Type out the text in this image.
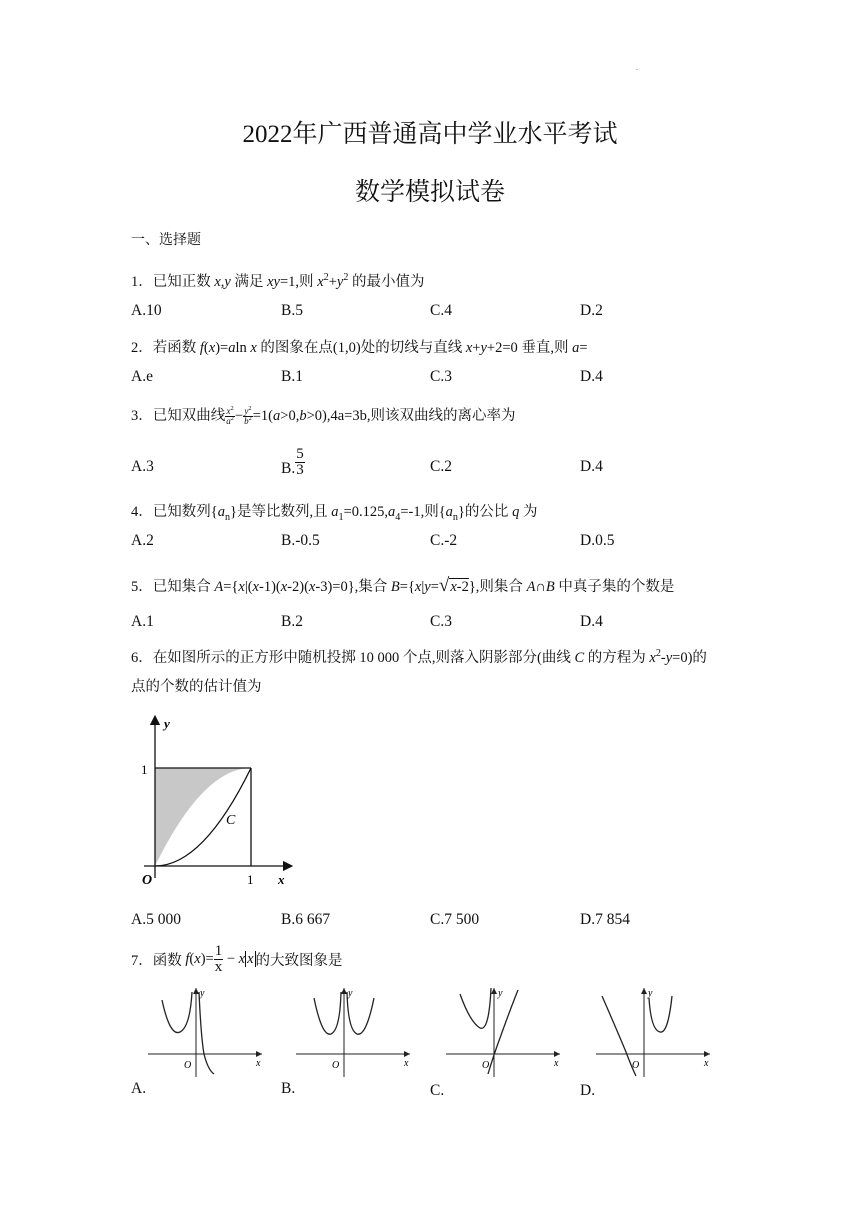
.
2022年广西普通高中学业水平考试
数学模拟试卷
一、选择题
1．已知正数 x,y 满足 xy=1,则 $x^2+y^2$ 的最小值为
A.10	B.5	C.4	D.2
2．若函数 f(x)=aln x 的图象在点(1,0)处的切线与直线 x+y+2=0 垂直,则 a=
A.e	B.1	C.3	D.4
3．已知双曲线 $\frac{x^2}{a^2} - \frac{y^2}{b^2} =1(a>0,b>0),4a=3b$,则该双曲线的离心率为
A.3	B. $\frac{5}{3}$	C.2	D.4
4．已知数列$\{a_n\}$是等比数列,且 $a_1=0.125,a_4=-1$,则$\{a_n\}$的公比 q 为
A.2	B.-0.5	C.-2	D.0.5
5．已知集合 A={x|(x-1)(x-2)(x-3)=0},集合 B={x|y=√x-2},则集合 A∩B 中真子集的个数是
A.1	B.2	C.3	D.4
6．在如图所示的正方形中随机投掷 10 000 个点,则落入阴影部分(曲线 C 的方程为 $x^2-y=0$)的
点的个数的估计值为
y
1
C
O	1 x
A.5 000	B.6 667	C.7 500	D.7 854
7．函数 $f(x)= \frac{1}{x} - x$ x 的大致图象是
y
x
O
A.
y
x
O
B.
y
x
O
C.
y
x
O
D.
